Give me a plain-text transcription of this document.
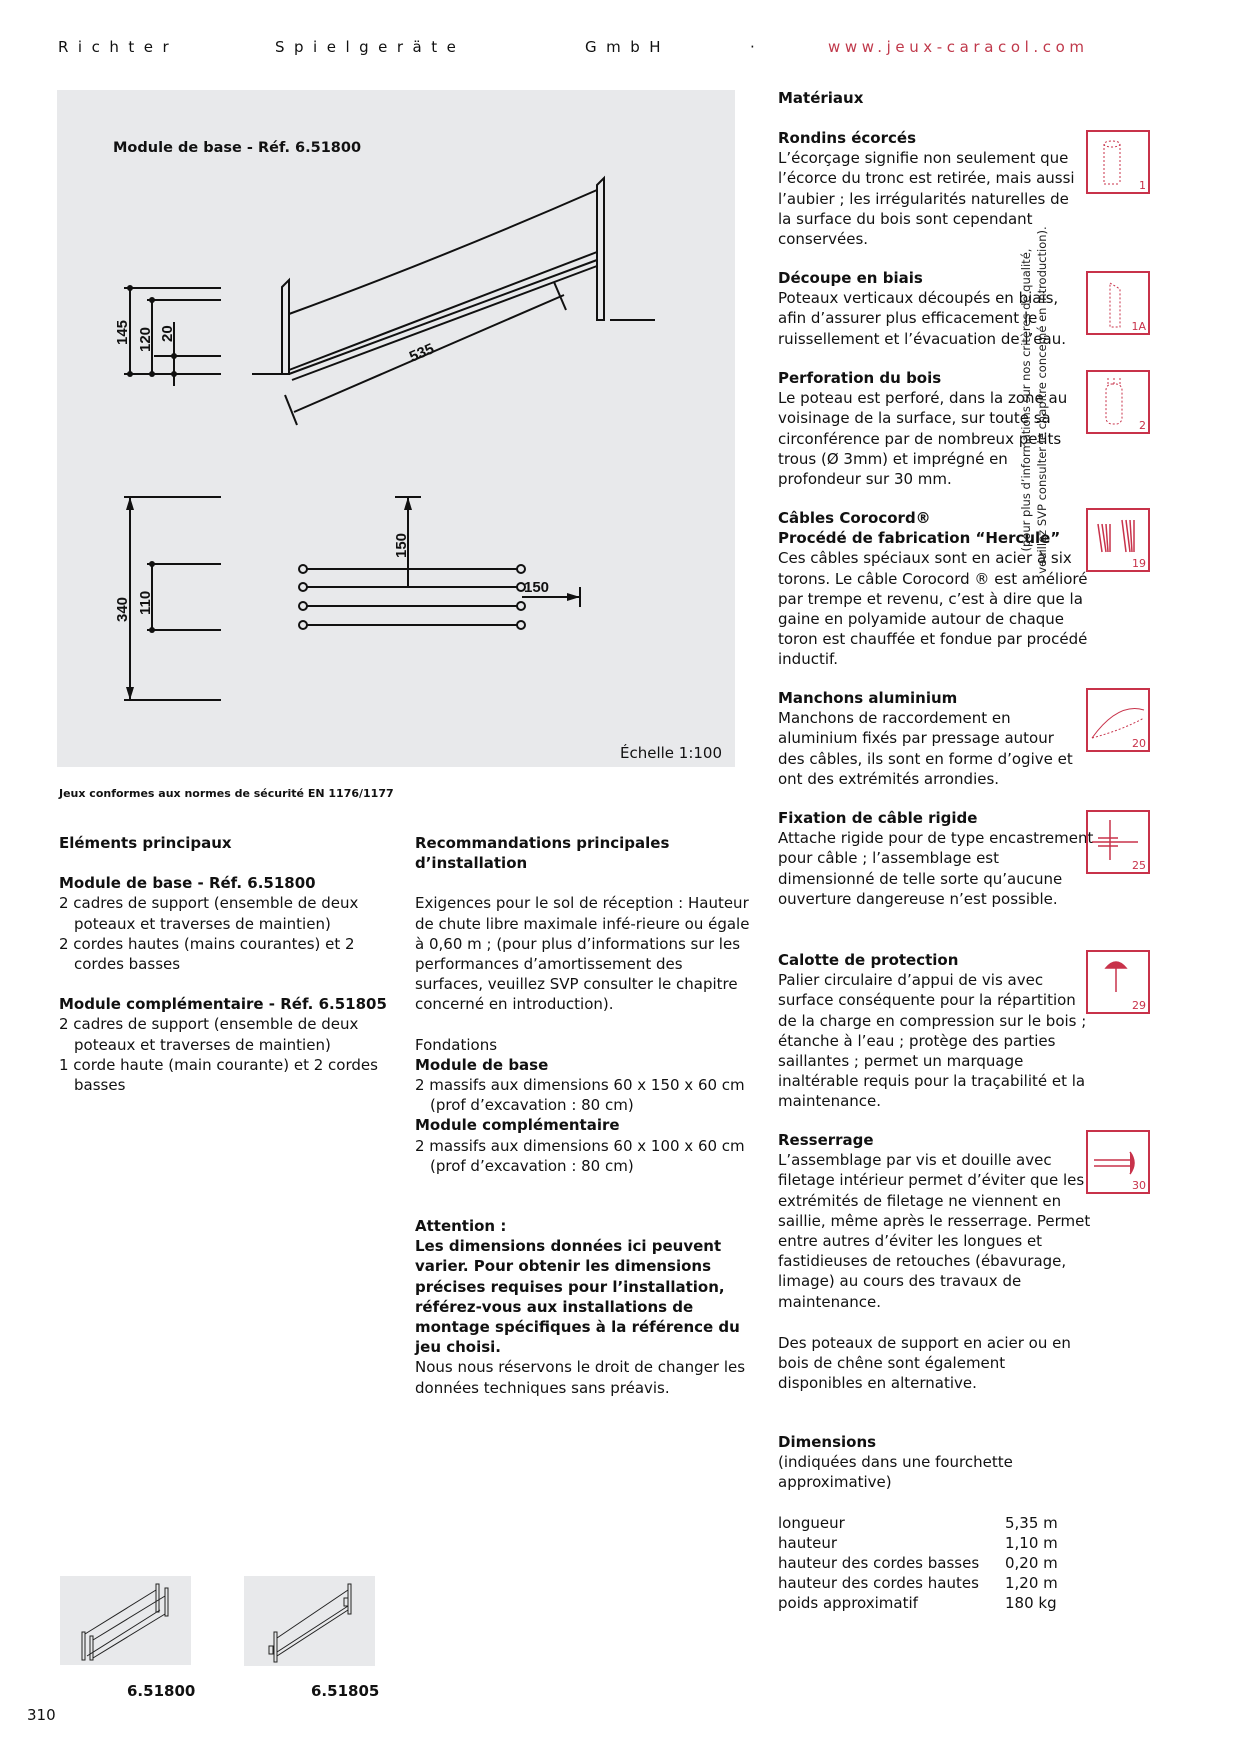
Richter	Spielgeräte	GmbH	·	www.jeux-caracol.com
Module de base - Réf. 6.51800
145 120 20
535
340 110
150
150
Échelle 1:100
Jeux conformes aux normes de sécurité EN 1176/1177
Eléments principaux
Module de base - Réf. 6.51800
2 cadres de support (ensemble de deux poteaux et traverses de maintien)
2 cordes hautes (mains courantes) et 2 cordes basses
Module complémentaire - Réf. 6.51805
2 cadres de support (ensemble de deux poteaux et traverses de maintien)
1 corde haute (main courante) et 2 cordes basses
Recommandations principales d’installation
Exigences pour le sol de réception : Hauteur de chute libre maximale infé-rieure ou égale à 0,60 m ; (pour plus d’informations sur les performances d’amortissement des surfaces, veuillez SVP consulter le chapitre concerné en introduction).
Fondations
Module de base
2 massifs aux dimensions 60 x 150 x 60 cm (prof d’excavation : 80 cm)
Module complémentaire
2 massifs aux dimensions 60 x 100 x 60 cm (prof d’excavation : 80 cm)
Attention :
Les dimensions données ici peuvent varier. Pour obtenir les dimensions précises requises pour l’installation, référez-vous aux installations de montage spécifiques à la référence du jeu choisi.
Nous nous réservons le droit de changer les données techniques sans préavis.
Matériaux
Rondins écorcés
L’écorçage signifie non seulement que l’écorce du tronc est retirée, mais aussi l’aubier ; les irrégularités naturelles de la surface du bois sont cependant conservées.
1
Découpe en biais
Poteaux verticaux découpés en biais, afin d’assurer plus efficacement le ruissellement et l’évacuation de l’eau.
1A
Perforation du bois
Le poteau est perforé, dans la zone au voisinage de la surface, sur toute sa circonférence par de nombreux petits trous (Ø 3mm) et imprégné en profondeur sur 30 mm.
2
Câbles Corocord®
Procédé de fabrication “Hercule”
Ces câbles spéciaux sont en acier à six torons. Le câble Corocord ® est amélioré par trempe et revenu, c’est à dire que la gaine en polyamide autour de chaque toron est chauffée et fondue par procédé inductif.
19
Manchons aluminium
Manchons de raccordement en aluminium fixés par pressage autour des câbles, ils sont en forme d’ogive et ont des extrémités arrondies.
20
Fixation de câble rigide
Attache rigide pour de type encastrement pour câble ; l’assemblage est dimensionné de telle sorte qu’aucune ouverture dangereuse n’est possible.
25
Calotte de protection
Palier circulaire d’appui de vis avec surface conséquente pour la répartition de la charge en compression sur le bois ; étanche à l’eau ; protège des parties saillantes ; permet un marquage inaltérable requis pour la traçabilité et la maintenance.
29
Resserrage
L’assemblage par vis et douille avec filetage intérieur permet d’éviter que les extrémités de filetage ne viennent en saillie, même après le resserrage. Permet entre autres d’éviter les longues et fastidieuses de retouches (ébavurage, limage) au cours des travaux de maintenance.
30
Des poteaux de support en acier ou en bois de chêne sont également disponibles en alternative.
Dimensions
(indiquées dans une fourchette approximative)
longueur	5,35 m
hauteur	1,10 m
hauteur des cordes basses	0,20 m
hauteur des cordes hautes	1,20 m
poids approximatif	180 kg
(pour plus d’informations sur nos critères de qualité, veuillez SVP consulter le chapitre concerné en introduction).
6.51800	6.51805
310
